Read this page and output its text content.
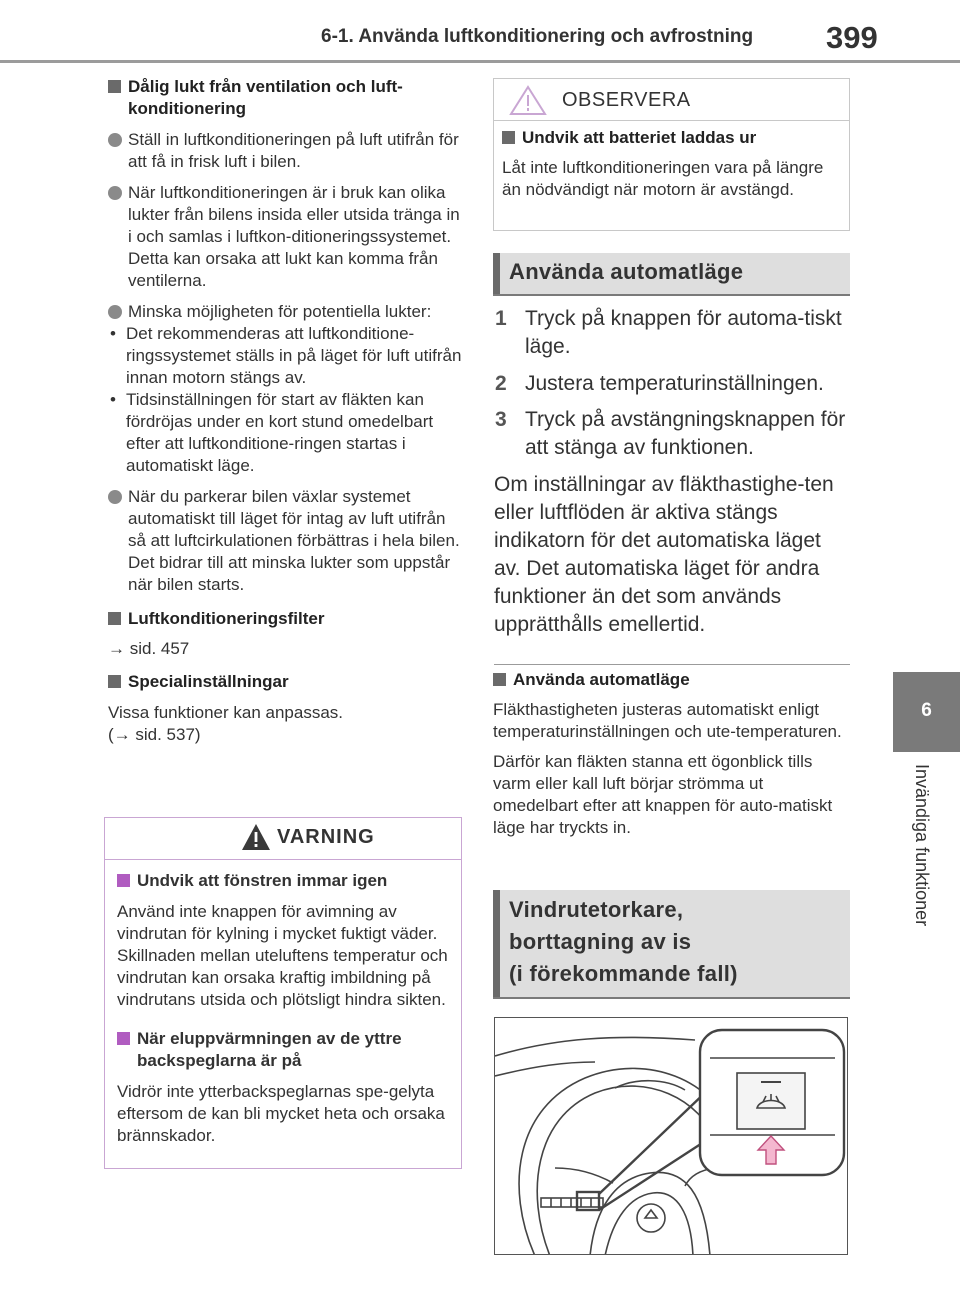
6-1. Använda luftkonditionering och avfrostning	399
6
Invändiga funktioner
Dålig lukt från ventilation och luft-konditionering
Ställ in luftkonditioneringen på luft utifrån för att få in frisk luft i bilen.
När luftkonditioneringen är i bruk kan olika lukter från bilens insida eller utsida tränga in i och samlas i luftkon-ditioneringssystemet. Detta kan orsaka att lukt kan komma från ventilerna.
Minska möjligheten för potentiella lukter:
• Det rekommenderas att luftkonditione-ringssystemet ställs in på läget för luft utifrån innan motorn stängs av.
• Tidsinställningen för start av fläkten kan fördröjas under en kort stund omedelbart efter att luftkonditione-ringen startas i automatiskt läge.
När du parkerar bilen växlar systemet automatiskt till läget för intag av luft utifrån så att luftcirkulationen förbättras i hela bilen. Det bidrar till att minska lukter som uppstår när bilen starts.
Luftkonditioneringsfilter
→ sid. 457
Specialinställningar
Vissa funktioner kan anpassas.
(→ sid. 537)
VARNING
Undvik att fönstren immar igen
Använd inte knappen för avimning av vindrutan för kylning i mycket fuktigt väder. Skillnaden mellan uteluftens temperatur och vindrutan kan orsaka kraftig imbildning på vindrutans utsida och plötsligt hindra sikten.
När eluppvärmningen av de yttre backspeglarna är på
Vidrör inte ytterbackspeglarnas spe-gelyta eftersom de kan bli mycket heta och orsaka brännskador.
OBSERVERA
Undvik att batteriet laddas ur
Låt inte luftkonditioneringen vara på längre än nödvändigt när motorn är avstängd.
Använda automatläge
1 Tryck på knappen för automa-tiskt läge.
2 Justera temperaturinställningen.
3 Tryck på avstängningsknappen för att stänga av funktionen.
Om inställningar av fläkthastighe-ten eller luftflöden är aktiva stängs indikatorn för det automatiska läget av. Det automatiska läget för andra funktioner än det som används upprätthålls emellertid.
Använda automatläge
Fläkthastigheten justeras automatiskt enligt temperaturinställningen och ute-temperaturen.
Därför kan fläkten stanna ett ögonblick tills varm eller kall luft börjar strömma ut omedelbart efter att knappen för auto-matiskt läge har tryckts in.
Vindrutetorkare,
borttagning av is
(i förekommande fall)
